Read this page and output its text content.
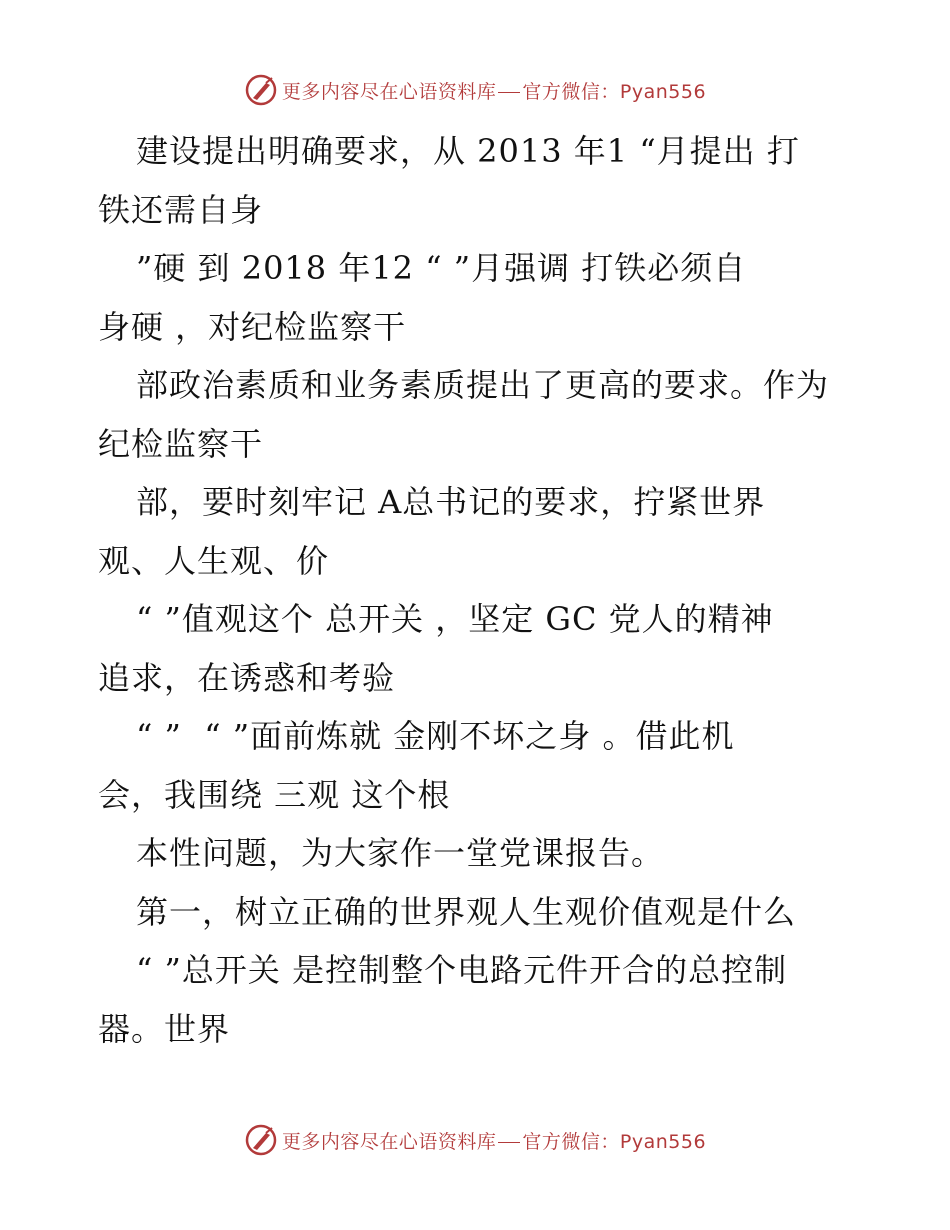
更多内容尽在心语资料库 官方微信：Pyan556
建设提出明确要求，从 2013 年1 “月提出 打
铁还需自身
”硬 到 2018 年12 “ ”月强调 打铁必须自
身硬 ，对纪检监察干
部政治素质和业务素质提出了更高的要求。作为
纪检监察干
部，要时刻牢记 A总书记的要求，拧紧世界
观、人生观、价
“ ”值观这个 总开关 ，坚定 GC 党人的精神
追求，在诱惑和考验
“ ”  “ ”面前炼就 金刚不坏之身 。借此机
会，我围绕 三观 这个根
本性问题，为大家作一堂党课报告。
第一，树立正确的世界观人生观价值观是什么
“ ”总开关 是控制整个电路元件开合的总控制
器。世界
更多内容尽在心语资料库 官方微信：Pyan556
